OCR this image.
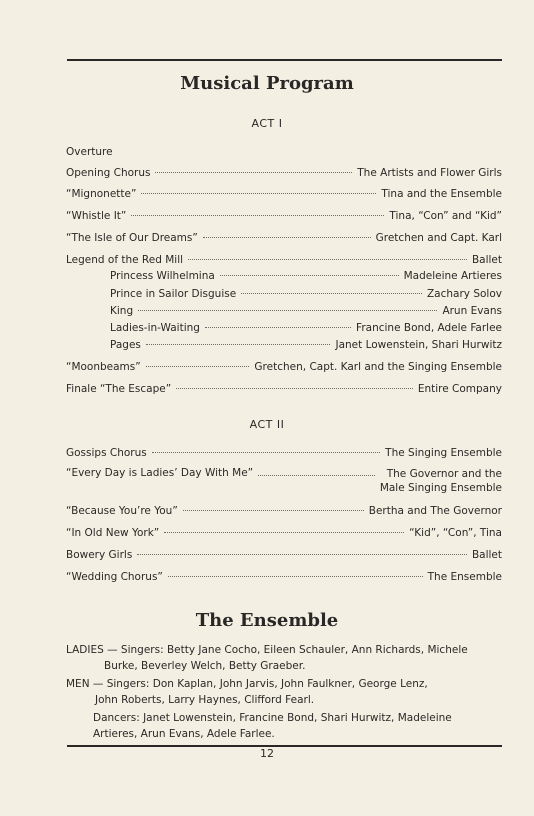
Musical Program
ACT I
Overture
Opening Chorus	The Artists and Flower Girls
“Mignonette”	Tina and the Ensemble
“Whistle It”	Tina, “Con” and “Kid”
“The Isle of Our Dreams”	Gretchen and Capt. Karl
Legend of the Red Mill	Ballet
Princess Wilhelmina	Madeleine Artieres
Prince in Sailor Disguise	Zachary Solov
King	Arun Evans
Ladies-in-Waiting	Francine Bond, Adele Farlee
Pages	Janet Lowenstein, Shari Hurwitz
“Moonbeams”	Gretchen, Capt. Karl and the Singing Ensemble
Finale “The Escape”	Entire Company
ACT II
Gossips Chorus	The Singing Ensemble
“Every Day is Ladies’ Day With Me”	The Governor and the
Male Singing Ensemble
“Because You’re You”	Bertha and The Governor
“In Old New York”	“Kid”, “Con”, Tina
Bowery Girls	Ballet
“Wedding Chorus”	The Ensemble
The Ensemble
LADIES — Singers: Betty Jane Cocho, Eileen Schauler, Ann Richards, Michele
Burke, Beverley Welch, Betty Graeber.
MEN — Singers: Don Kaplan, John Jarvis, John Faulkner, George Lenz,
John Roberts, Larry Haynes, Clifford Fearl.
Dancers: Janet Lowenstein, Francine Bond, Shari Hurwitz, Madeleine
Artieres, Arun Evans, Adele Farlee.
12
